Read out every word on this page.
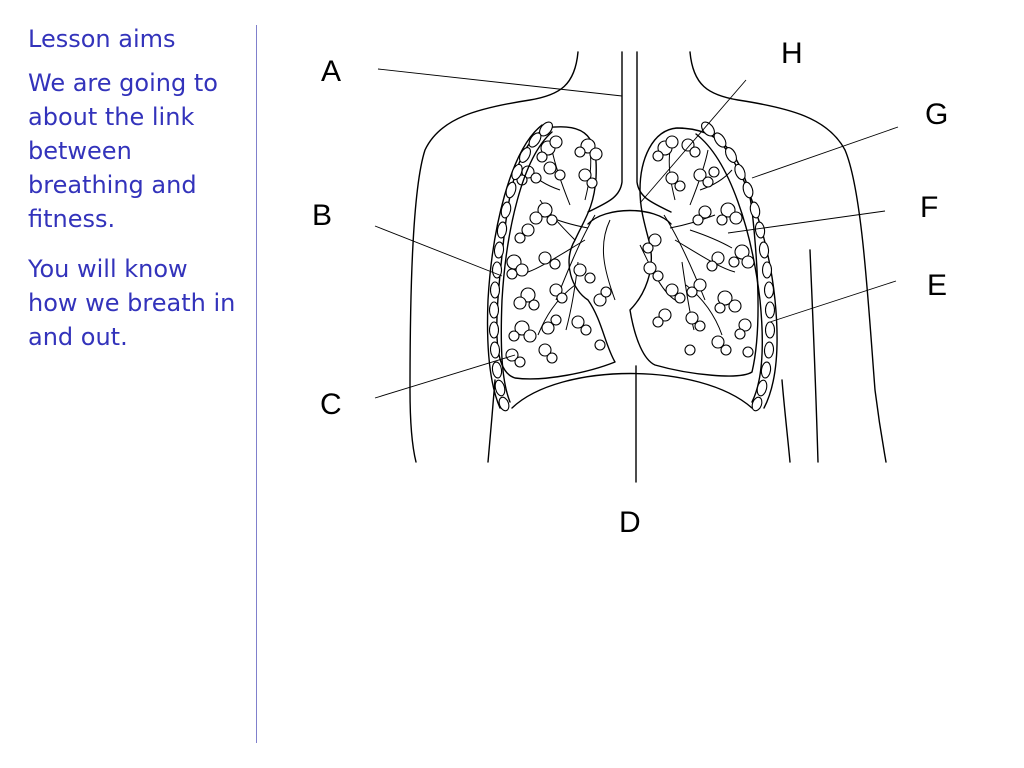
Lesson aims

We are going to about the link between breathing and fitness.

You will know how we breath in and out.

A
B
C
D
E
F
G
H
